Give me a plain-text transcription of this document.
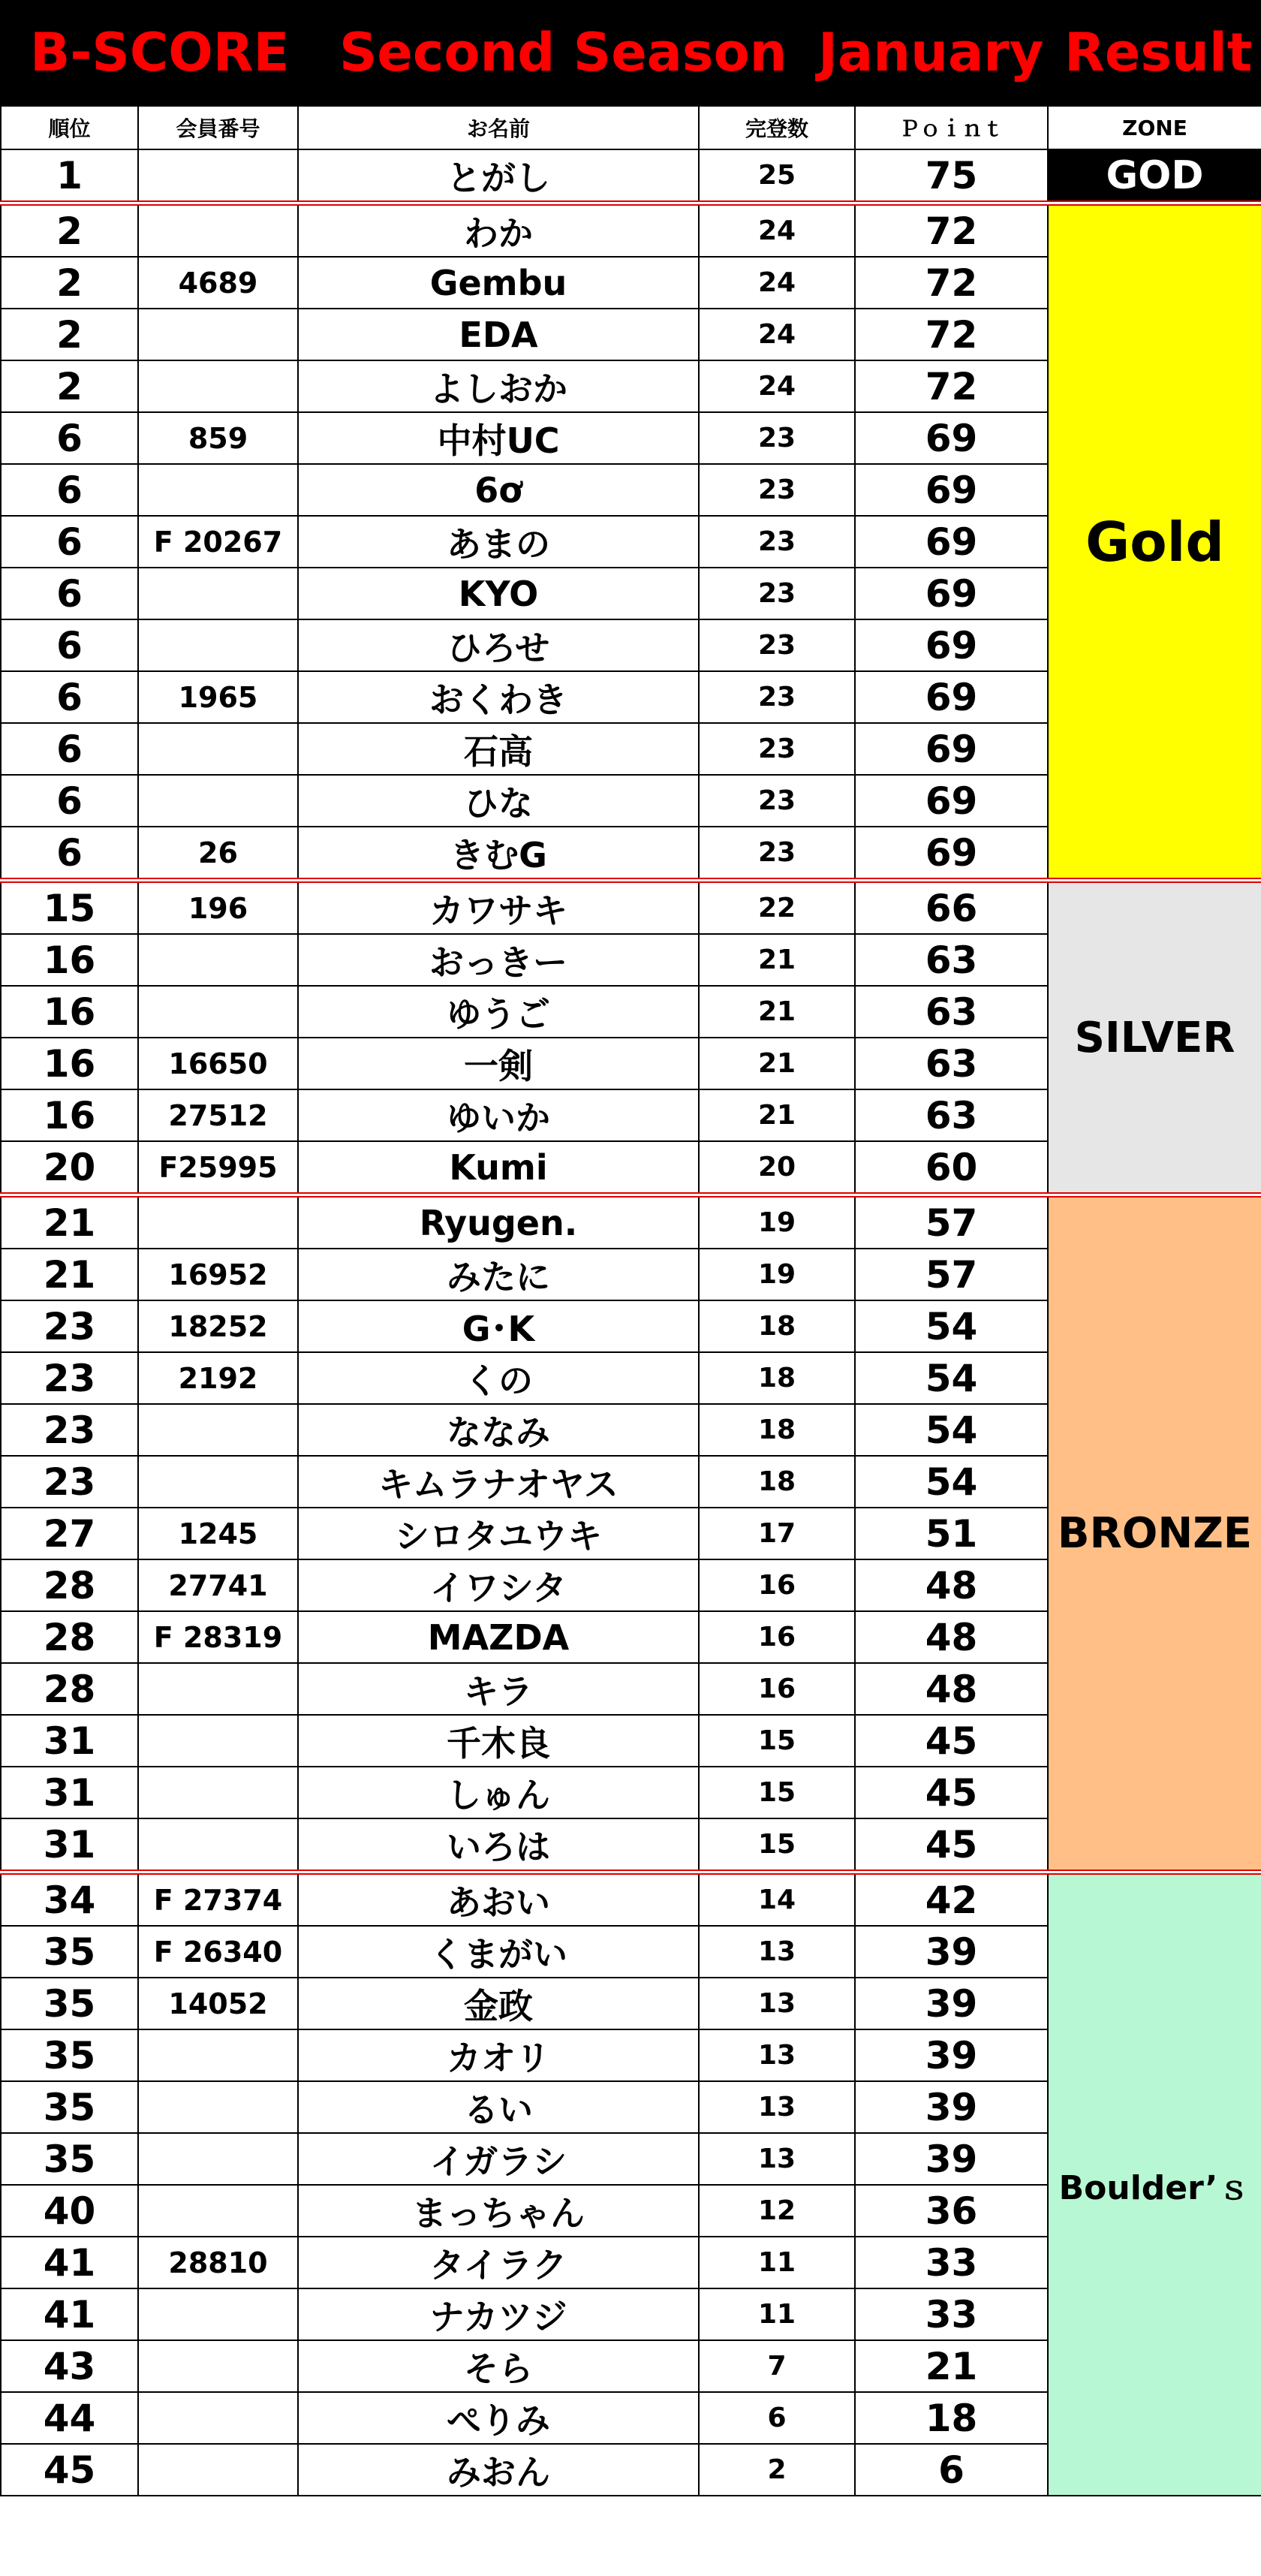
B-SCORE Second Season January Result
順位	会員番号	お名前	完登数	Ｐｏｉｎｔ	ZONE
1		とがし	25	75	GOD
2		わか	24	72	Gold
2	4689	Gembu	24	72	
2		EDA	24	72	
2		よしおか	24	72	
6	859	中村UC	23	69	
6		6ơ	23	69	
6	F 20267	あまの	23	69	
6		KYO	23	69	
6		ひろせ	23	69	
6	1965	おくわき	23	69	
6		石高	23	69	
6		ひな	23	69	
6	26	きむG	23	69	
15	196	カワサキ	22	66	SILVER
16		おっきー	21	63	
16		ゆうご	21	63	
16	16650	一剣	21	63	
16	27512	ゆいか	21	63	
20	F25995	Kumi	20	60	
21		Ryugen.	19	57	BRONZE
21	16952	みたに	19	57	
23	18252	G･K	18	54	
23	2192	くの	18	54	
23		ななみ	18	54	
23		キムラナオヤス	18	54	
27	1245	シロタユウキ	17	51	
28	27741	イワシタ	16	48	
28	F 28319	MAZDA	16	48	
28		キラ	16	48	
31		千木良	15	45	
31		しゅん	15	45	
31		いろは	15	45	
34	F 27374	あおい	14	42	Boulder’ｓ
35	F 26340	くまがい	13	39	
35	14052	金政	13	39	
35		カオリ	13	39	
35		るい	13	39	
35		イガラシ	13	39	
40		まっちゃん	12	36	
41	28810	タイラク	11	33	
41		ナカツジ	11	33	
43		そら	7	21	
44		ぺりみ	6	18	
45		みおん	2	6	
